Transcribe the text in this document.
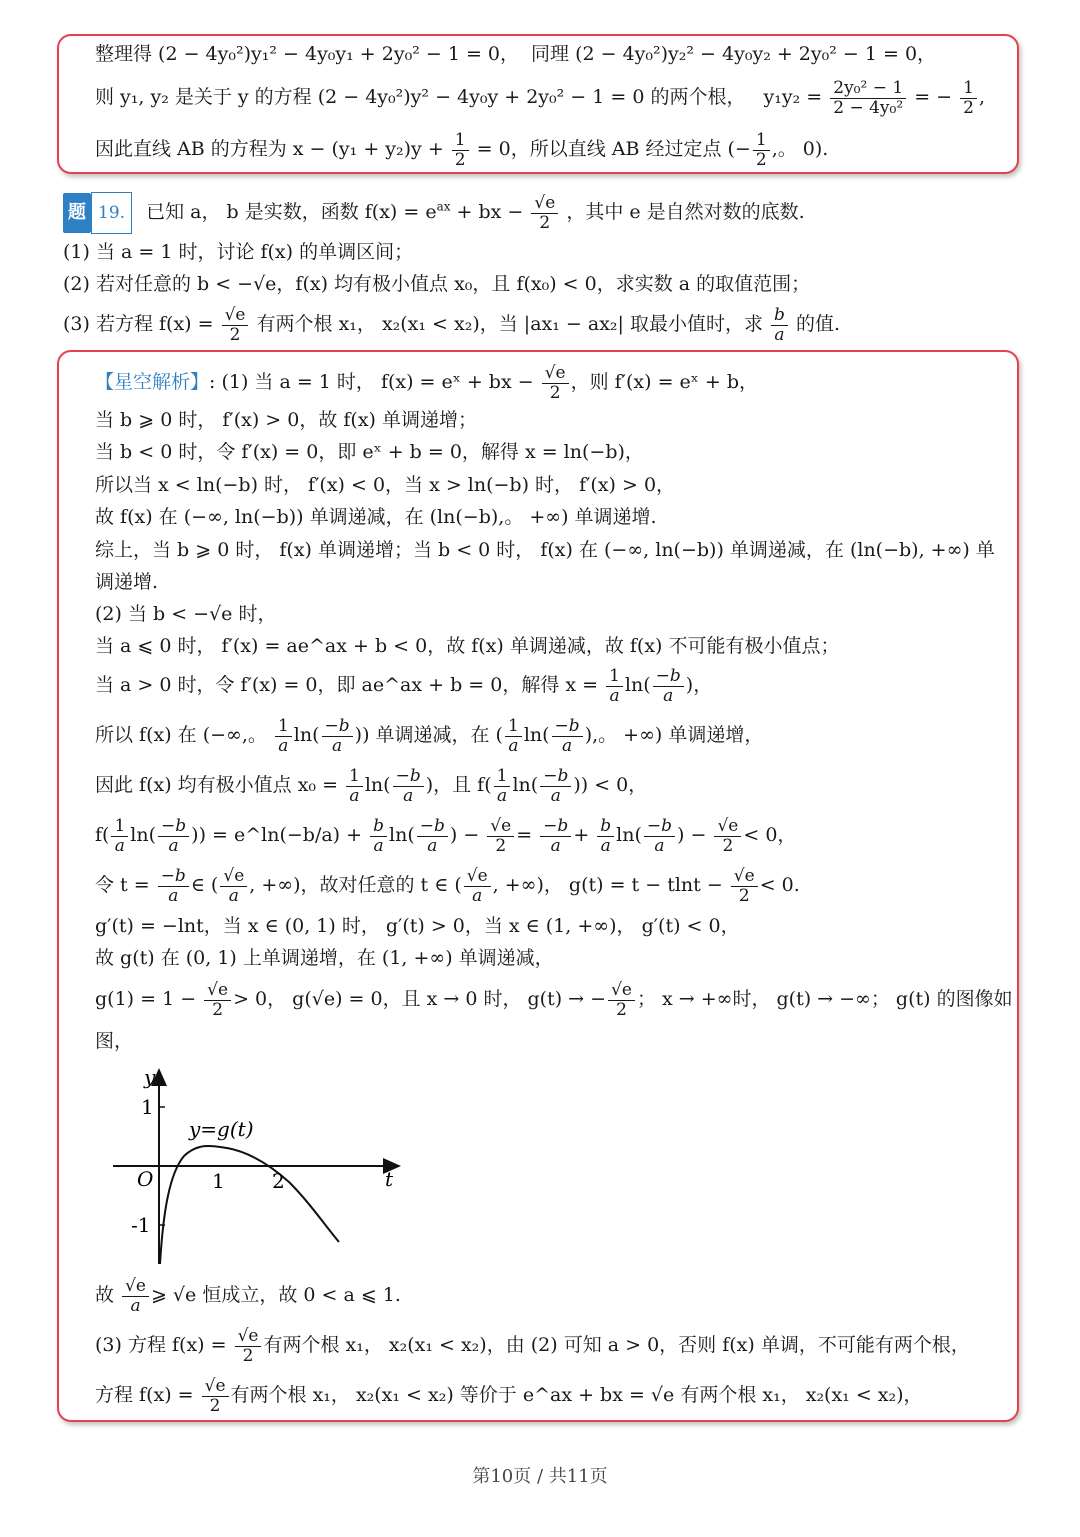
整理得 (2 − 4y₀²)y₁² − 4y₀y₁ + 2y₀² − 1 = 0， 同理 (2 − 4y₀²)y₂² − 4y₀y₂ + 2y₀² − 1 = 0，
则 y₁, y₂ 是关于 y 的方程 (2 − 4y₀²)y² − 4y₀y + 2y₀² − 1 = 0 的两个根， $y_1y_2 = \frac{\text{2y₀² − 1}}{\text{2 − 4y₀²}}$ = − $\frac{1}{2}$ ,
因此直线 AB 的方程为 $x - (y_1 + y_2)y + \frac{1}{2} = 0$，所以直线 AB 经过定点 (− $\frac{1}{2}$ ,。 0).
题 19. 已知 a， b 是实数，函数 $f(x) = e^{ax}$ + bx − $\frac{√e}{2}$ ，其中 e 是自然对数的底数.
(1) 当 a = 1 时，讨论 f(x) 的单调区间；
(2) 若对任意的 b < −√e，f(x) 均有极小值点 x₀，且 f(x₀) < 0，求实数 a 的取值范围；
(3) 若方程 $f(x) = \frac{√e}{2}$ 有两个根 x₁， x₂(x₁ < x₂)，当 |ax₁ − ax₂| 取最小值时，求 $\frac{b}{a}$ 的值.
【星空解析】: (1) 当 a = 1 时， f(x) = eˣ + bx − $\frac{√e}{2}$ ，则 f′(x) = eˣ + b，
当 b ⩾ 0 时， f′(x) > 0，故 f(x) 单调递增；
当 b < 0 时，令 f′(x) = 0，即 eˣ + b = 0，解得 x = ln(−b)，
所以当 x < ln(−b) 时， f′(x) < 0，当 x > ln(−b) 时， f′(x) > 0，
故 f(x) 在 (−∞, ln(−b)) 单调递减，在 (ln(−b),。 +∞) 单调递增.
综上，当 b ⩾ 0 时， f(x) 单调递增；当 b < 0 时， f(x) 在 (−∞, ln(−b)) 单调递减，在 (ln(−b), +∞) 单
调递增.
(2) 当 b < −√e 时，
当 a ⩽ 0 时， f′(x) = ae^ax + b < 0，故 f(x) 单调递减，故 f(x) 不可能有极小值点；
当 a > 0 时，令 f′(x) = 0，即 ae^ax + b = 0，解得 $x = \frac{1}{a} \ln( \frac{-b}{a}$ )，
所以 f(x) 在 (−∞,。 $\frac{1}{a} \ln( \frac{-b}{a}$ )) 单调递减，在 ( $\frac{1}{a} \ln( \frac{-b}{a}$ ),。 +∞) 单调递增，
因此 f(x) 均有极小值点 $x_0 = \frac{1}{a} \ln( \frac{-b}{a}$ )，且 $f( \frac{1}{a} \ln( \frac{-b}{a}$ )) < 0，
$f( \frac{1}{a} \ln( \frac{-b}{a}$ )) = e^ln(−b/a) + $\frac{b}{a} \ln( \frac{-b}{a}$ ) − $\frac{√e}{2} = \frac{-b}{a} + \frac{b}{a} \ln( \frac{-b}{a}$ ) − $\frac{√e}{2} < 0$，
令 $t = \frac{-b}{a}$ ∈ ( $\frac{√e}{a}$ , +∞)，故对任意的 t ∈ ( $\frac{√e}{a}$ , +∞)， $g(t) = t - tlnt - \frac{√e}{2} < 0$.
g′(t) = −lnt，当 x ∈ (0, 1) 时， g′(t) > 0，当 x ∈ (1, +∞)， g′(t) < 0，
故 g(t) 在 (0, 1) 上单调递增，在 (1, +∞) 单调递减，
$g(1) = 1 - \frac{√e}{2} > 0$， g(√e) = 0，且 x → 0 时， g(t) → − $\frac{√e}{2}$ ； x → +∞时， g(t) → −∞； g(t) 的图像如
图，
y
t
O	1 2
1
-1
y=g(t)
故 $\frac{√e}{a}$ ⩾ √e 恒成立，故 0 < a ⩽ 1.
(3) 方程 $f(x) = \frac{√e}{2}$ 有两个根 x₁， x₂(x₁ < x₂)，由 (2) 可知 a > 0，否则 f(x) 单调，不可能有两个根，
方程 $f(x) = \frac{√e}{2}$ 有两个根 x₁， x₂(x₁ < x₂) 等价于 e^ax + bx = √e 有两个根 x₁， x₂(x₁ < x₂)，
第10页 / 共11页
